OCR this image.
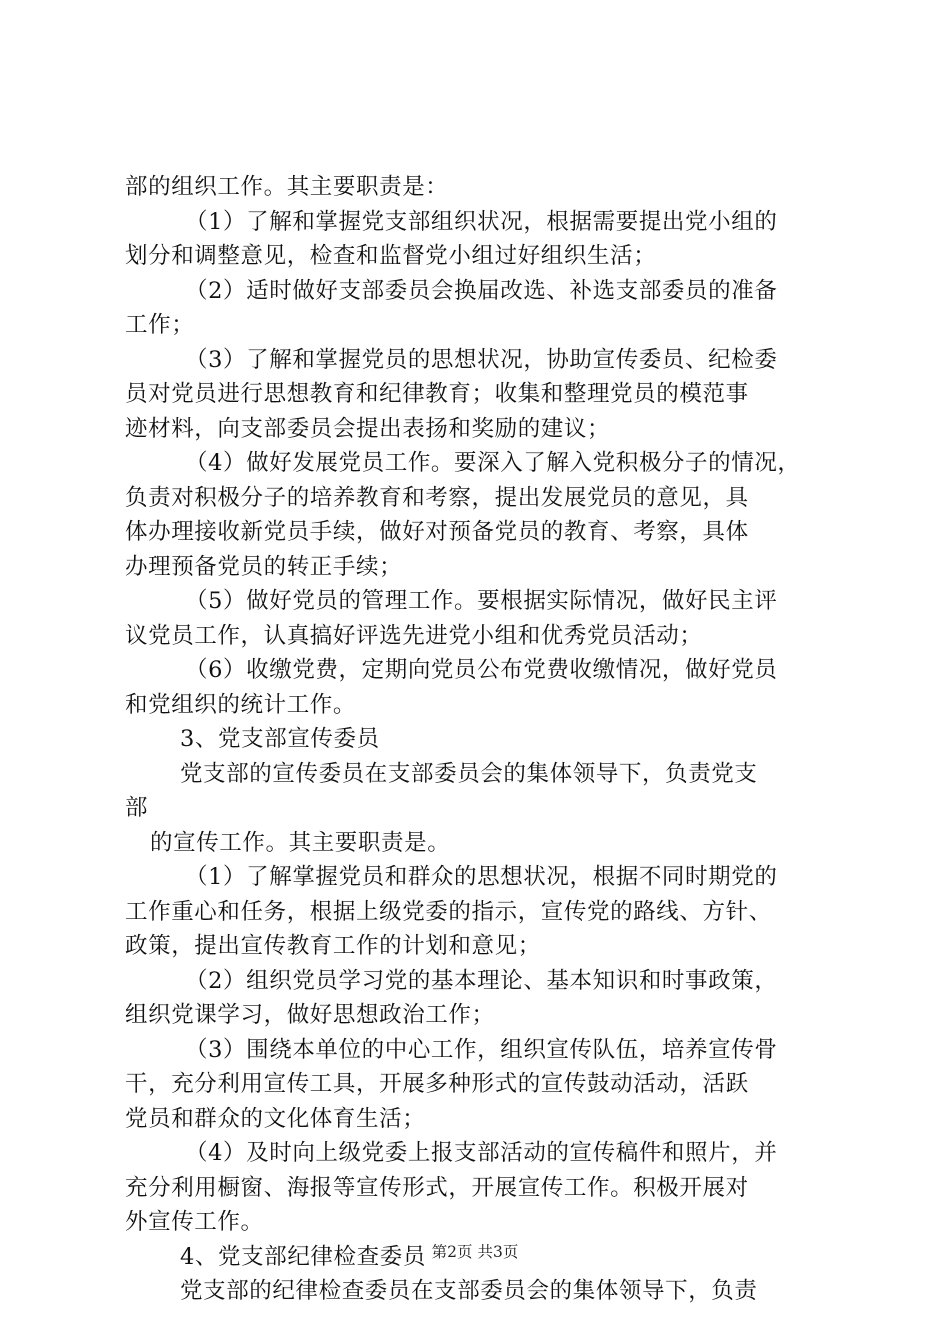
部的组织工作。其主要职责是：
（1）了解和掌握党支部组织状况，根据需要提出党小组的
划分和调整意见，检查和监督党小组过好组织生活；
（2）适时做好支部委员会换届改选、补选支部委员的准备
工作；
（3）了解和掌握党员的思想状况，协助宣传委员、纪检委
员对党员进行思想教育和纪律教育；收集和整理党员的模范事
迹材料，向支部委员会提出表扬和奖励的建议；
（4）做好发展党员工作。要深入了解入党积极分子的情况，
负责对积极分子的培养教育和考察，提出发展党员的意见，具
体办理接收新党员手续，做好对预备党员的教育、考察，具体
办理预备党员的转正手续；
（5）做好党员的管理工作。要根据实际情况，做好民主评
议党员工作，认真搞好评选先进党小组和优秀党员活动；
（6）收缴党费，定期向党员公布党费收缴情况，做好党员
和党组织的统计工作。
3、党支部宣传委员
党支部的宣传委员在支部委员会的集体领导下，负责党支
部
的宣传工作。其主要职责是。
（1）了解掌握党员和群众的思想状况，根据不同时期党的
工作重心和任务，根据上级党委的指示，宣传党的路线、方针、
政策，提出宣传教育工作的计划和意见；
（2）组织党员学习党的基本理论、基本知识和时事政策，
组织党课学习，做好思想政治工作；
（3）围绕本单位的中心工作，组织宣传队伍，培养宣传骨
干，充分利用宣传工具，开展多种形式的宣传鼓动活动，活跃
党员和群众的文化体育生活；
（4）及时向上级党委上报支部活动的宣传稿件和照片，并
充分利用橱窗、海报等宣传形式，开展宣传工作。积极开展对
外宣传工作。
4、党支部纪律检查委员
党支部的纪律检查委员在支部委员会的集体领导下，负责
第2页 共3页
